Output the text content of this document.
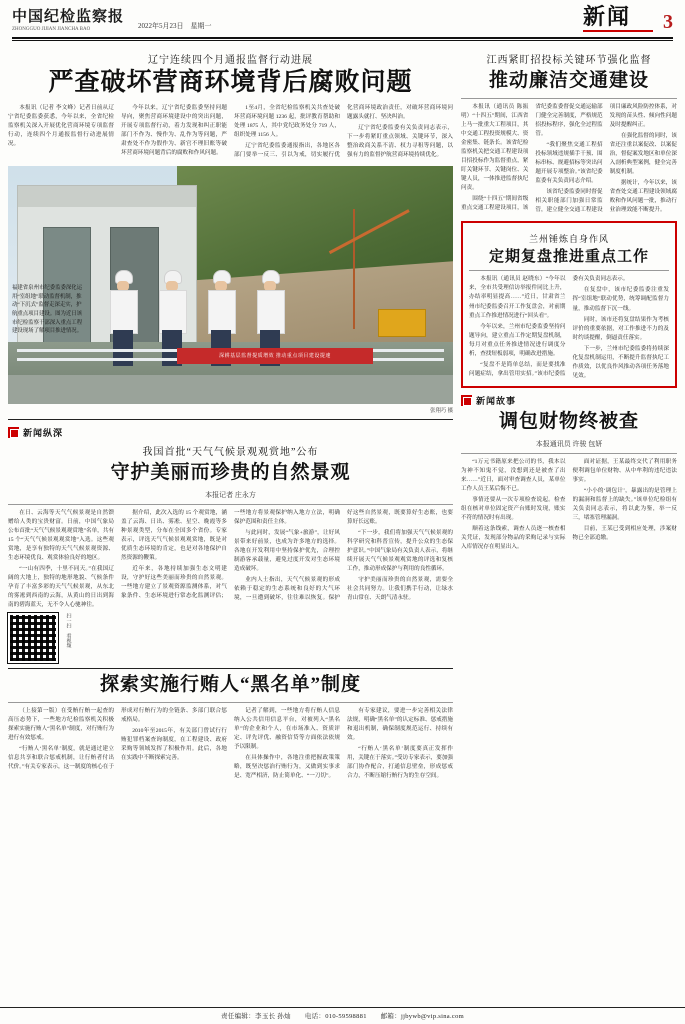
中国纪检监察报
ZHONGGUO JIJIAN JIANCHA BAO	2022年5月23日　星期一	新闻	3
辽宁连续四个月通报监督行动进展
严查破坏营商环境背后腐败问题

本报讯（记者 李文峰）记者日前从辽宁省纪委监委获悉，今年以来，全省纪检监察机关深入开展优化营商环境专项监督行动，连续四个月通报监督行动进展情况。

今年以来，辽宁省纪委监委坚持问题导向，聚焦营商环境建设中的突出问题，开展专项监督行动，着力发现和纠正职能部门不作为、慢作为、乱作为等问题，严肃查处不作为假作为、新官不理旧账等破坏营商环境问题背后的腐败和作风问题。

1至4月，全省纪检监察机关共查处破坏营商环境问题 1236 起，批评教育帮助和处理 1875 人，其中党纪政务处分 719 人，组织处理 1156 人。

辽宁省纪委监委通报指出，各地区各部门要举一反三、引以为戒，切实履行优化营商环境政治责任，对破坏营商环境问题露头就打、坚决纠治。

辽宁省纪委监委有关负责同志表示，下一步将紧盯重点领域、关键环节，深入整治政商关系不清、权力寻租等问题，以强有力的监督护航营商环境持续优化。

深耕基层监督提质增效 推动重点项目建设提速
福建省泉州市纪委监委深化运用“室组地”联动监督机制，推动“下沉式”监督走深走实，护航重点项目建设。图为近日该市纪检监察干部深入重点工程建设现场了解项目推进情况。
张翔巧 摄
新闻纵深
我国首批“天气气候景观观赏地”公布
守护美丽而珍贵的自然景观
本报记者 庄永方

在日、云海等天气气候景观是自然馈赠给人类的宝贵财富。日前，中国气象局公布首批“天气气候景观观赏地”名单，共有 15 个“天气气候景观观赏地”入选。这些观赏地，是享有独特的天气气候景观资源、生态环境优良、观赏体验良好的地区。

“一山有四季，十里不同天。”在我国辽阔的大地上，独特的地形地貌、气候条件孕育了丰富多彩的天气气候景观，从东北的雾凇到西南的云海，从黄山的日出到海南的碧海蓝天，无不令人心驰神往。

据介绍，此次入选的 15 个观赏地，涵盖了云海、日出、雾凇、星空、晚霞等多种景观类型，分布在全国多个省份。专家表示，评选天气气候景观观赏地，既是对优质生态环境的肯定，也是对各地保护自然资源的鞭策。

近年来，各地持续加强生态文明建设，守护好这些美丽而珍贵的自然景观。一些地方建立了景观资源监测体系，对气象条件、生态环境进行常态化监测评估；一些地方将景观保护纳入地方立法，明确保护范围和责任主体。

与此同时，发展“气象+旅游”，让好风景带来好前景，也成为许多地方的选择。各地在开发利用中坚持保护优先，合理控制游客承载量，避免过度开发对生态环境造成破坏。

业内人士指出，天气气候景观的形成依赖于稳定的生态系统和良好的大气环境，一旦遭到破坏，往往难以恢复。保护好这些自然景观，既要算好生态账，也要算好长远账。

“下一步，我们将加强天气气候景观的科学研究和科普宣传，提升公众的生态保护意识。”中国气象局有关负责人表示，将继续开展天气气候景观观赏地的评选和复核工作，推动形成保护与利用的良性循环。

守护美丽而珍贵的自然景观，需要全社会共同努力。让我们携手行动，让绿水青山常在、天朗气清永驻。

扫一扫　看视频
探索实施行贿人“黑名单”制度

（上接第一版）在受贿行贿一起查的高压态势下，一些地方纪检监察机关积极探索实施行贿人“黑名单”制度，对行贿行为进行有效惩戒。

“行贿人‘黑名单’制度，就是通过建立信息共享和联合惩戒机制，让行贿者付出代价。”有关专家表示，这一制度的核心在于形成对行贿行为的全链条、多部门联合惩戒格局。

2010年至2015年，有关部门曾试行行贿犯罪档案查询制度，在工程建设、政府采购等领域发挥了积极作用。此后，各地在实践中不断探索完善。

记者了解到，一些地方将行贿人信息纳入公共信用信息平台，对被列入“黑名单”的企业和个人，在市场准入、资质评定、评先评优、融资信贷等方面依法依规予以限制。

在具体操作中，各地注重把握政策策略，既坚决惩治行贿行为，又做到实事求是、宽严相济，防止简单化、“一刀切”。

有专家建议，要进一步完善相关法律法规，明确“黑名单”的认定标准、惩戒措施和退出机制，确保制度规范运行、持续有效。

“行贿人‘黑名单’制度要真正发挥作用，关键在于落实。”受访专家表示，要加强部门协作配合，打通信息壁垒，形成惩戒合力，不断压缩行贿行为的生存空间。

江西紧盯招投标关键环节强化监督
推动廉洁交通建设

本报讯（通讯员 陈振明）“十四五”期间，江西省上马一批重大工程项目，其中交通工程投资规模大、资金密集、链条长。该省纪检监察机关把交通工程建设项目招投标作为监督重点，紧盯关键环节、关键岗位、关键人员，一体推进监督执纪问责。

围绕“十四五”期间省级重点交通工程建设项目，该省纪委监委督促交通运输部门健全完善制度，严格规范招投标程序，强化全过程监管。

“我们聚焦交通工程招投标领域违规插手干预、围标串标、规避招标等突出问题开展专项整治。”该省纪委监委有关负责同志介绍。

该省纪委监委同时督促相关职能部门加强日常监管，建立健全交通工程建设项目廉政风险防控体系，对发现的苗头性、倾向性问题及时提醒纠正。

在强化监督的同时，该省还注重以案促改、以案促治，督促案发地区和单位深入剖析典型案例，健全完善制度机制。

据统计，今年以来，该省查处交通工程建设领域腐败和作风问题一批，推动行业治理效能不断提升。

兰州锤炼自身作风
定期复盘推进重点工作

本报讯（通讯员 赵晓东）“今年以来，全市共受理信访举报件同比上升，办结率明显提高……”近日，甘肃省兰州市纪委监委召开工作复盘会，对前期重点工作推进情况进行“回头看”。

今年以来，兰州市纪委监委坚持问题导向，建立重点工作定期复盘机制，每月对重点任务推进情况进行调度分析，查找短板弱项，明确改进措施。

“复盘不是简单总结，而是要找准问题症结，拿出管用实招。”该市纪委监委有关负责同志表示。

在复盘中，该市纪委监委注重发挥“室组地”联动优势，统筹调配监督力量，推动监督下沉一线。

同时，该市还将复盘结果作为考核评价的重要依据，对工作推进不力的及时约谈提醒，倒逼责任落实。

下一步，兰州市纪委监委将持续深化复盘机制运用，不断提升监督执纪工作质效，以优良作风推动各项任务落地见效。

新闻故事
调包财物终被查
本报通讯员 许骏 包妍

“1万元书籍原来把公司的书，我本以为神不知鬼不觉，没想到还是被查了出来……”近日，面对审查调查人员，某单位工作人员王某后悔不已。

事情还要从一次专项检查说起。检查组在核对单位固定资产台账时发现，账实不符的情况时有出现。

顺着这条线索，调查人员逐一核查相关凭证，发现部分物品的采购记录与实际入库情况存在明显出入。

面对证据，王某最终交代了利用职务便利调包单位财物、从中牟利的违纪违法事实。

“小小的‘调包计’，暴露出的是管理上的漏洞和监督上的缺失。”该单位纪检组有关负责同志表示，将以此为鉴，举一反三，堵塞管理漏洞。

目前，王某已受到相应处理，涉案财物已全部追缴。

责任编辑：李玉长 孙灿 电话：010-59598881 邮箱：jjbywb@vip.sina.com
